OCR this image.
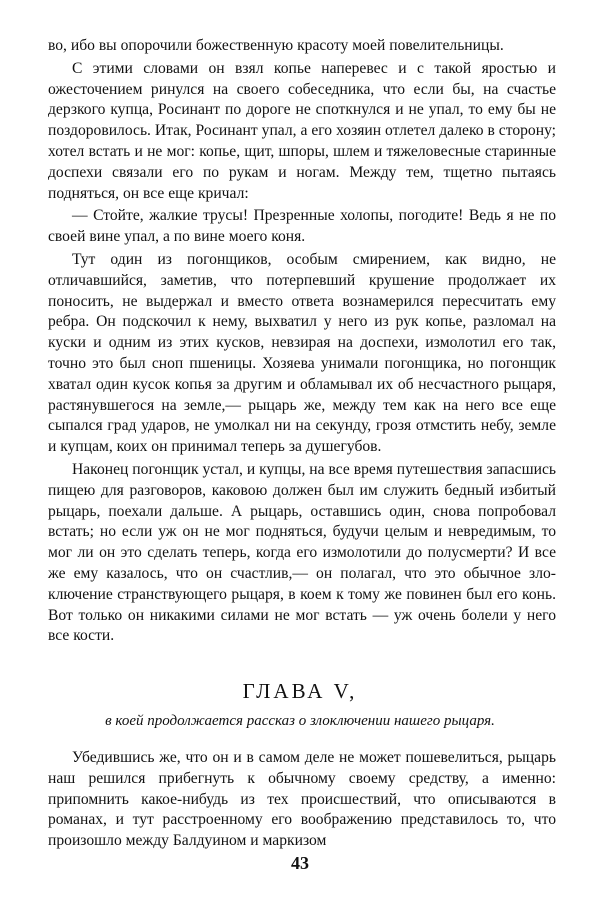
во, ибо вы опорочили божественную красоту моей повелительницы.

С этими словами он взял копье наперевес и с такой яростью и ожесточением ринулся на своего собеседника, что если бы, на счастье дерзкого купца, Росинант по дороге не споткнулся и не упал, то ему бы не поздоровилось. Итак, Росинант упал, а его хозяин отлетел далеко в сторону; хотел встать и не мог: копье, щит, шпоры, шлем и тяжеловесные старинные доспехи связали его по рукам и ногам. Между тем, тщетно пытаясь подняться, он все еще кричал:

— Стойте, жалкие трусы! Презренные холопы, погодите! Ведь я не по своей вине упал, а по вине моего коня.

Тут один из погонщиков, особым смирением, как видно, не отличавшийся, заметив, что потерпевший крушение продолжает их поносить, не выдержал и вместо ответа вознамерился пересчитать ему ребра. Он подскочил к нему, выхватил у него из рук копье, разломал на куски и одним из этих кусков, невзирая на доспехи, измолотил его так, точно это был сноп пшеницы. Хозяева унимали погонщика, но погонщик хватал один кусок копья за другим и обламывал их об несчастного рыцаря, растянувшегося на земле,— рыцарь же, между тем как на него все еще сыпался град ударов, не умолкал ни на секунду, грозя отмстить небу, земле и купцам, коих он принимал теперь за душегубов.

Наконец погонщик устал, и купцы, на все время путешествия запасшись пищею для разговоров, каковою должен был им служить бедный избитый рыцарь, поехали дальше. А рыцарь, оставшись один, снова попробовал встать; но если уж он не мог подняться, будучи целым и невредимым, то мог ли он это сделать теперь, когда его измолотили до полусмерти? И все же ему казалось, что он счастлив,— он полагал, что это обычное злоключение странствующего рыцаря, в коем к тому же повинен был его конь. Вот только он никакими силами не мог встать — уж очень болели у него все кости.

ГЛАВА V,
в коей продолжается рассказ о злоключении нашего рыцаря.

Убедившись же, что он и в самом деле не может пошевелиться, рыцарь наш решился прибегнуть к обычному своему средству, а именно: припомнить какое-нибудь из тех происшествий, что описываются в романах, и тут расстроенному его воображению представилось то, что произошло между Балдуином и маркизом

43
